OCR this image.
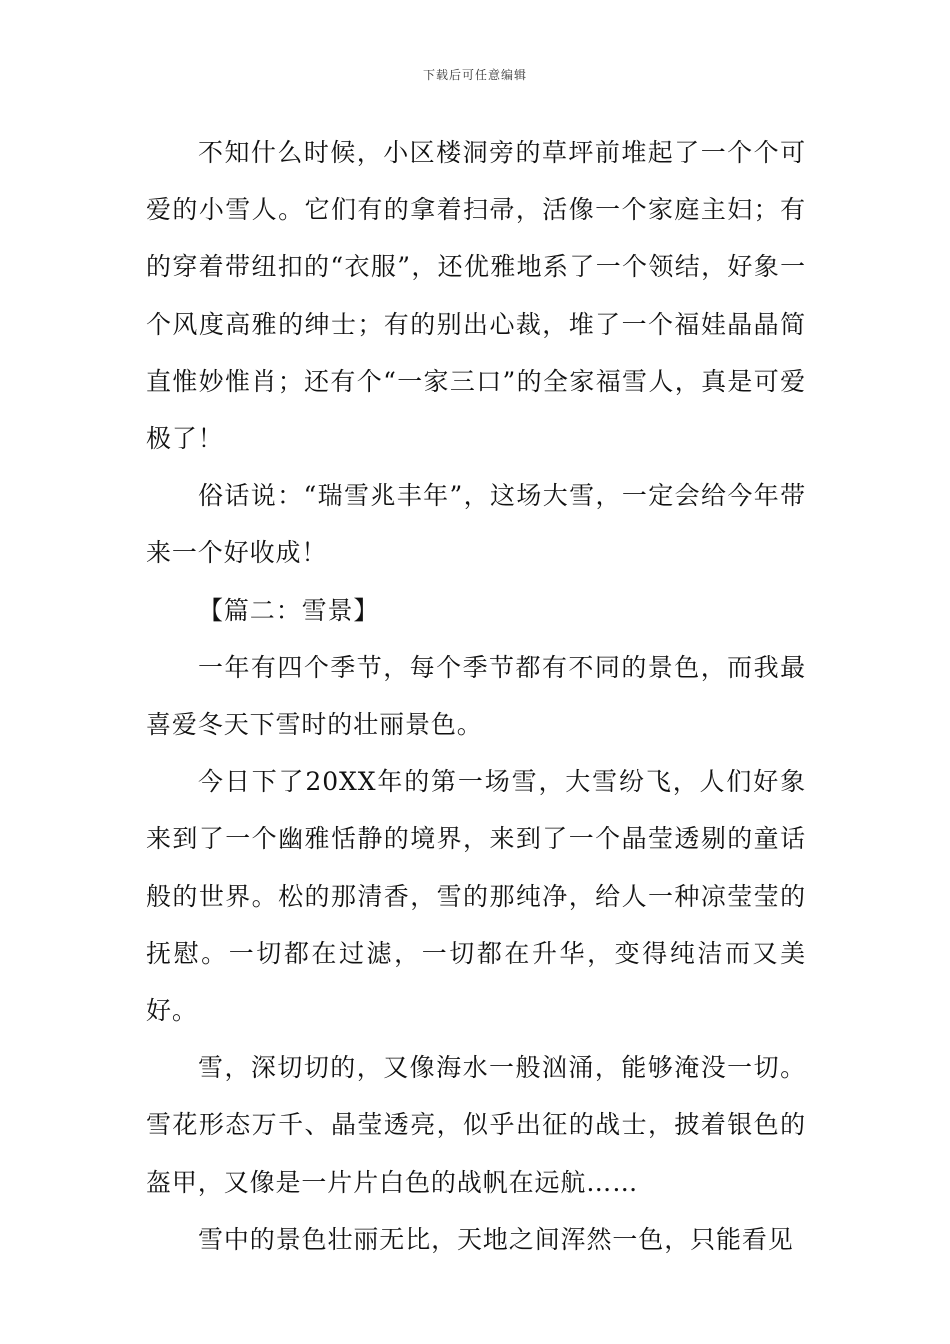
下载后可任意编辑

不知什么时候，小区楼洞旁的草坪前堆起了一个个可爱的小雪人。它们有的拿着扫帚，活像一个家庭主妇；有的穿着带纽扣的“衣服”，还优雅地系了一个领结，好象一个风度高雅的绅士；有的别出心裁，堆了一个福娃晶晶简直惟妙惟肖；还有个“一家三口”的全家福雪人，真是可爱极了！

俗话说：“瑞雪兆丰年”，这场大雪，一定会给今年带来一个好收成！

【篇二：雪景】

一年有四个季节，每个季节都有不同的景色，而我最喜爱冬天下雪时的壮丽景色。

今日下了20XX年的第一场雪，大雪纷飞，人们好象来到了一个幽雅恬静的境界，来到了一个晶莹透剔的童话般的世界。松的那清香，雪的那纯净，给人一种凉莹莹的抚慰。一切都在过滤，一切都在升华，变得纯洁而又美好。

雪，深切切的，又像海水一般汹涌，能够淹没一切。雪花形态万千、晶莹透亮，似乎出征的战士，披着银色的盔甲，又像是一片片白色的战帆在远航……

雪中的景色壮丽无比，天地之间浑然一色，只能看见
